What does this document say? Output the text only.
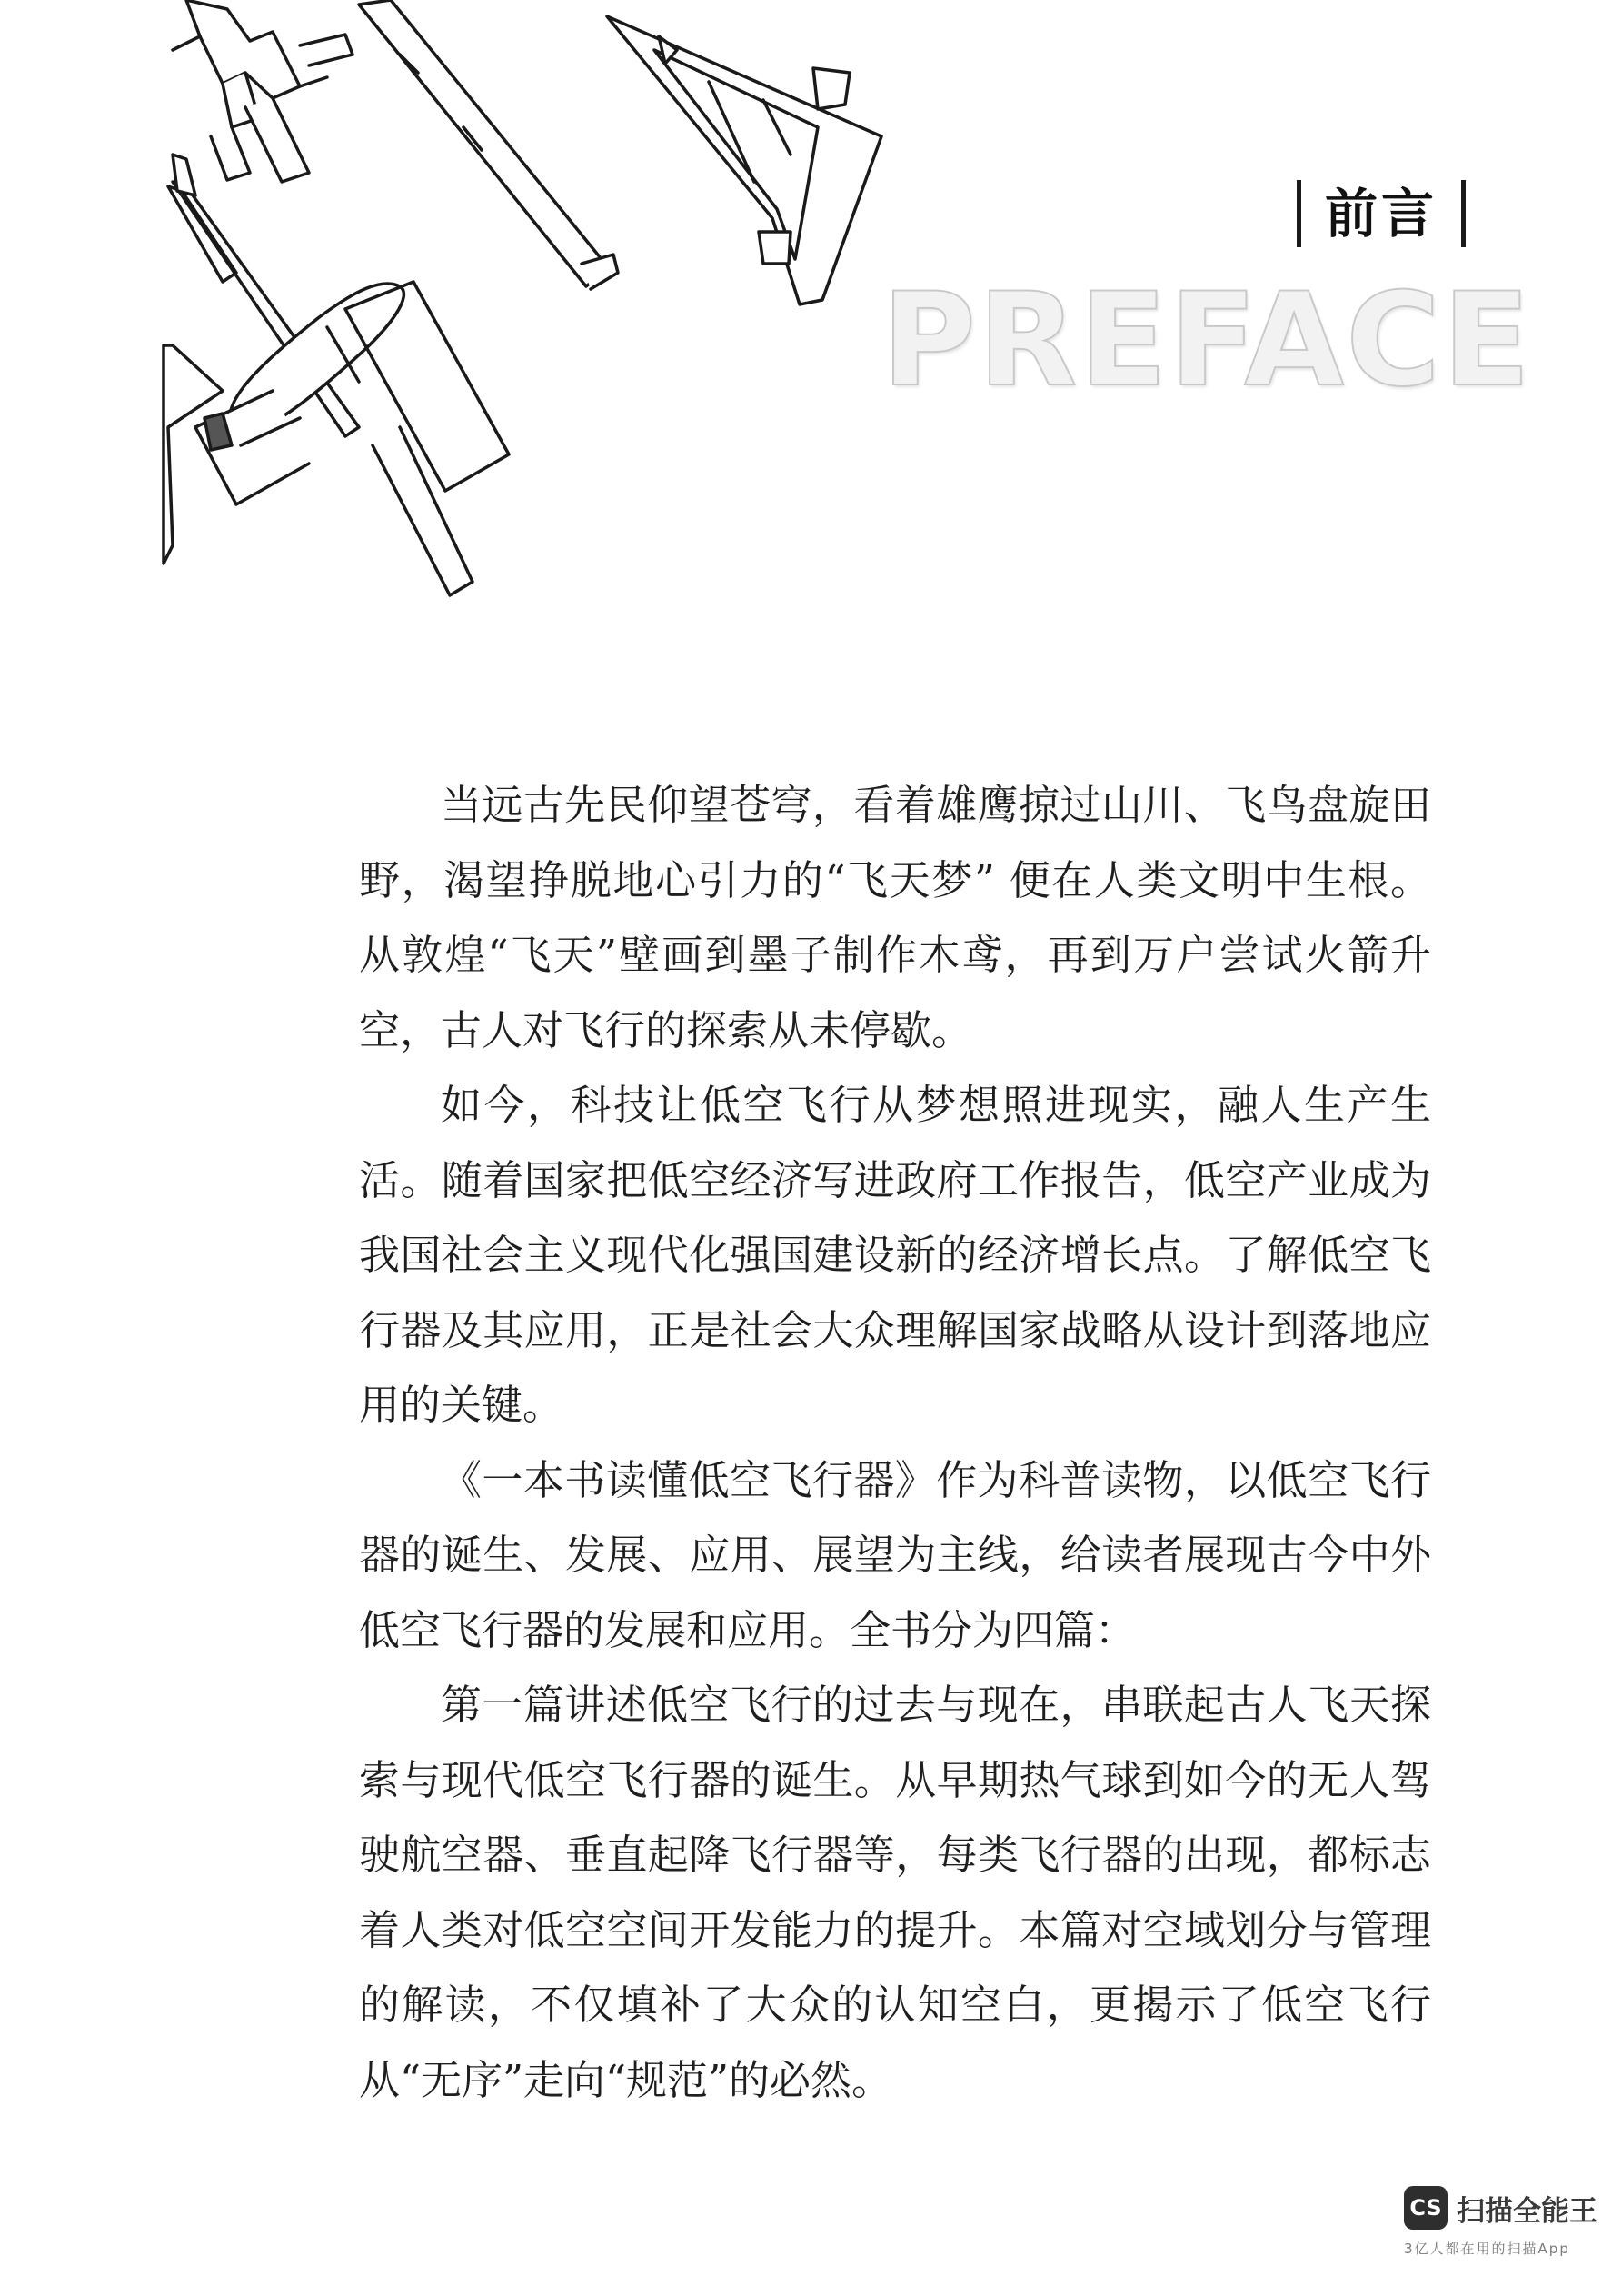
前言
PREFACE

当远古先民仰望苍穹，看着雄鹰掠过山川、飞鸟盘旋田野，渴望挣脱地心引力的“飞天梦” 便在人类文明中生根。从敦煌“飞天”壁画到墨子制作木鸢，再到万户尝试火箭升空，古人对飞行的探索从未停歇。

如今，科技让低空飞行从梦想照进现实，融人生产生活。随着国家把低空经济写进政府工作报告，低空产业成为我国社会主义现代化强国建设新的经济增长点。了解低空飞行器及其应用，正是社会大众理解国家战略从设计到落地应用的关键。

《一本书读懂低空飞行器》作为科普读物，以低空飞行器的诞生、发展、应用、展望为主线，给读者展现古今中外低空飞行器的发展和应用。全书分为四篇：

第一篇讲述低空飞行的过去与现在，串联起古人飞天探索与现代低空飞行器的诞生。从早期热气球到如今的无人驾驶航空器、垂直起降飞行器等，每类飞行器的出现，都标志着人类对低空空间开发能力的提升。本篇对空域划分与管理的解读，不仅填补了大众的认知空白，更揭示了低空飞行从“无序”走向“规范”的必然。

CS 扫描全能王
3亿人都在用的扫描App
